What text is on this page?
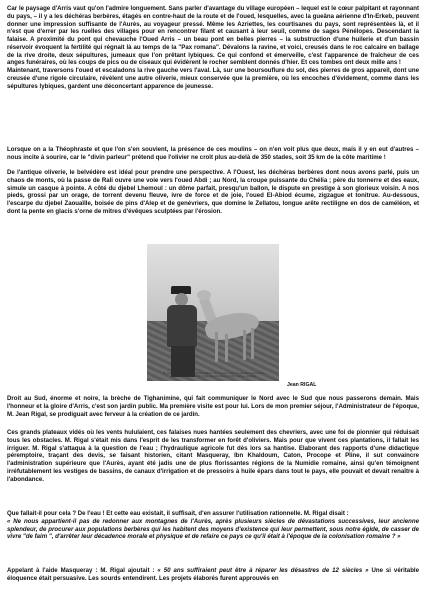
Car le paysage d'Arris vaut qu'on l'admire longuement. Sans parler d'avantage du village européen – lequel est le cœur palpitant et rayonnant du pays, – il y a les déchéras berbères, étagés en contre-haut de la route et de l'oued, lesquelles, avec la gueâna aérienne d'In-Erkeb, peuvent donner une impression suffisante de l'Aurès, au voyageur pressé. Même les Azriettes, les courtisanes du pays, sont représentées là, et il n'est que d'errer par les ruelles des villages pour en rencontrer filant et causant à leur seuil, comme de sages Pénélopes. Descendant la falaise. A proximité du pont qui chevauche l'Oued Arris – un beau pont en belles pierres – la substruction d'une huilerie et d'un bassin réservoir évoquent la fertilité qui régnait là au temps de la "Pax romana". Dévalons la ravine, et voici, creusés dans le roc calcaire en ballage de la rive droite, deux sépultures, jumeaux que l'on prêtant lybiques. Ce qui confond et émerveille, c'est l'apparence de fraîcheur de ces anges funéraires, où les coups de pics ou de ciseaux qui évidèrent le rocher semblent donnés d'hier. Et ces tombes ont deux mille ans !
Maintenant, traversons l'oued et escaladons la rive gauche vers l'aval. Là, sur une boursouflure du sol, des pierres de gros appareil, dont une creusée d'une rigole circulaire, révèlent une autre oliverie, mieux conservée que la première, où les encoches d'évidement, comme dans les sépultures lybiques, gardent une déconcertant apparence de jeunesse.

Lorsque on a la Théophraste et que l'on s'en souvient, la présence de ces moulins – on n'en voit plus que deux, mais il y en eut d'autres – nous incite à sourire, car le "divin parleur" prétend que l'olivier ne croît plus au-delà de 350 stades, soit 35 km de la côte maritime !

De l'antique oliverie, le belvédère est idéal pour prendre une perspective. A l'Ouest, les déchéras berbères dont nous avons parlé, puis un chaos de monts, où la passe de Rali ouvre une voie vers l'oued Abdi ; au Nord, la croupe puissante du Chélia ; père du tonnerre et des eaux, simule un casque à pointe. A côté du djebel Lhemoul : un dôme parfait, presqu'un ballon, le dispute en prestige à son glorieux voisin. A nos pieds, grossi par un orage, de torrent devenu fleuve, ivre de force et de joie, l'oued El-Abiod écume, zigzague et tonitrue. Au-dessous, l'escarpe du djebel Zaouaïlle, boisée de pins d'Alep et de genévriers, que domine le Zellatou, longue arête rectiligne en dos de caméléon, et dont la pente en glacis s'orne de mitres d'évêques sculptées par l'érosion.

M. Jean RIGAL, ancien administrateur de l'Aurès, avec sa gazelle apprivoisée, photographiée en 1923 près des oliveries d'Arris, Aurès, Algérie.

Jean RIGAL

Droit au Sud, énorme et noire, la brèche de Tighanimine, qui fait communiquer le Nord avec le Sud que nous passerons demain. Mais l'honneur et la gloire d'Arris, c'est son jardin public. Ma première visite est pour lui. Lors de mon premier séjour, l'Administrateur de l'époque, M. Jean Rigal, se prodiguait avec ferveur à la création de ce jardin.

Ces grands plateaux vidés où les vents hululaient, ces falaises nues hantées seulement des chevriers, avec une foi de pionnier qui réduisait tous les obstacles. M. Rigal s'était mis dans l'esprit de les transformer en forêt d'oliviers. Mais pour que vivent ces plantations, il fallait les irriguer. M. Rigal s'attaqua à la question de l'eau ; l'hydraulique agricole fut dès lors sa hantise. Elaborant des rapports d'une didactique péremptoire, traçant des devis, se faisant historien, citant Masqueray, Ibn Khaldoum, Caton, Procope et Pline, il sut convaincre l'administration supérieure que l'Aurès, ayant été jadis une de plus florissantes régions de la Numidie romaine, ainsi qu'en témoignent irréfutablement les vestiges de bassins, de canaux d'irrigation et de pressoirs à huile épars dans tout le pays, elle pouvait et devait renaître à l'abondance.

Que fallait-il pour cela ? De l'eau ! Et cette eau existait, il suffisait, d'en assurer l'utilisation rationnelle. M. Rigal disait :
« Ne nous appartient-il pas de redonner aux montagnes de l'Aurès, après plusieurs siècles de dévastations successives, leur ancienne splendeur, de procurer aux populations berbères qui les habitent des moyens d'existence qui leur permettent, sous notre égide, de casser de vivre "de faim ", d'arrêter leur décadence morale et physique et de refaire ce pays ce qu'il était à l'époque de la colonisation romaine ? »

Appelant à l'aide Masqueray : M. Rigal ajoutait : « 50 ans suffiraient peut être à réparer les désastres de 12 siècles » Une si véritable éloquence était persuasive. Les sourds entendirent. Les projets élaborés furent approuvés en
